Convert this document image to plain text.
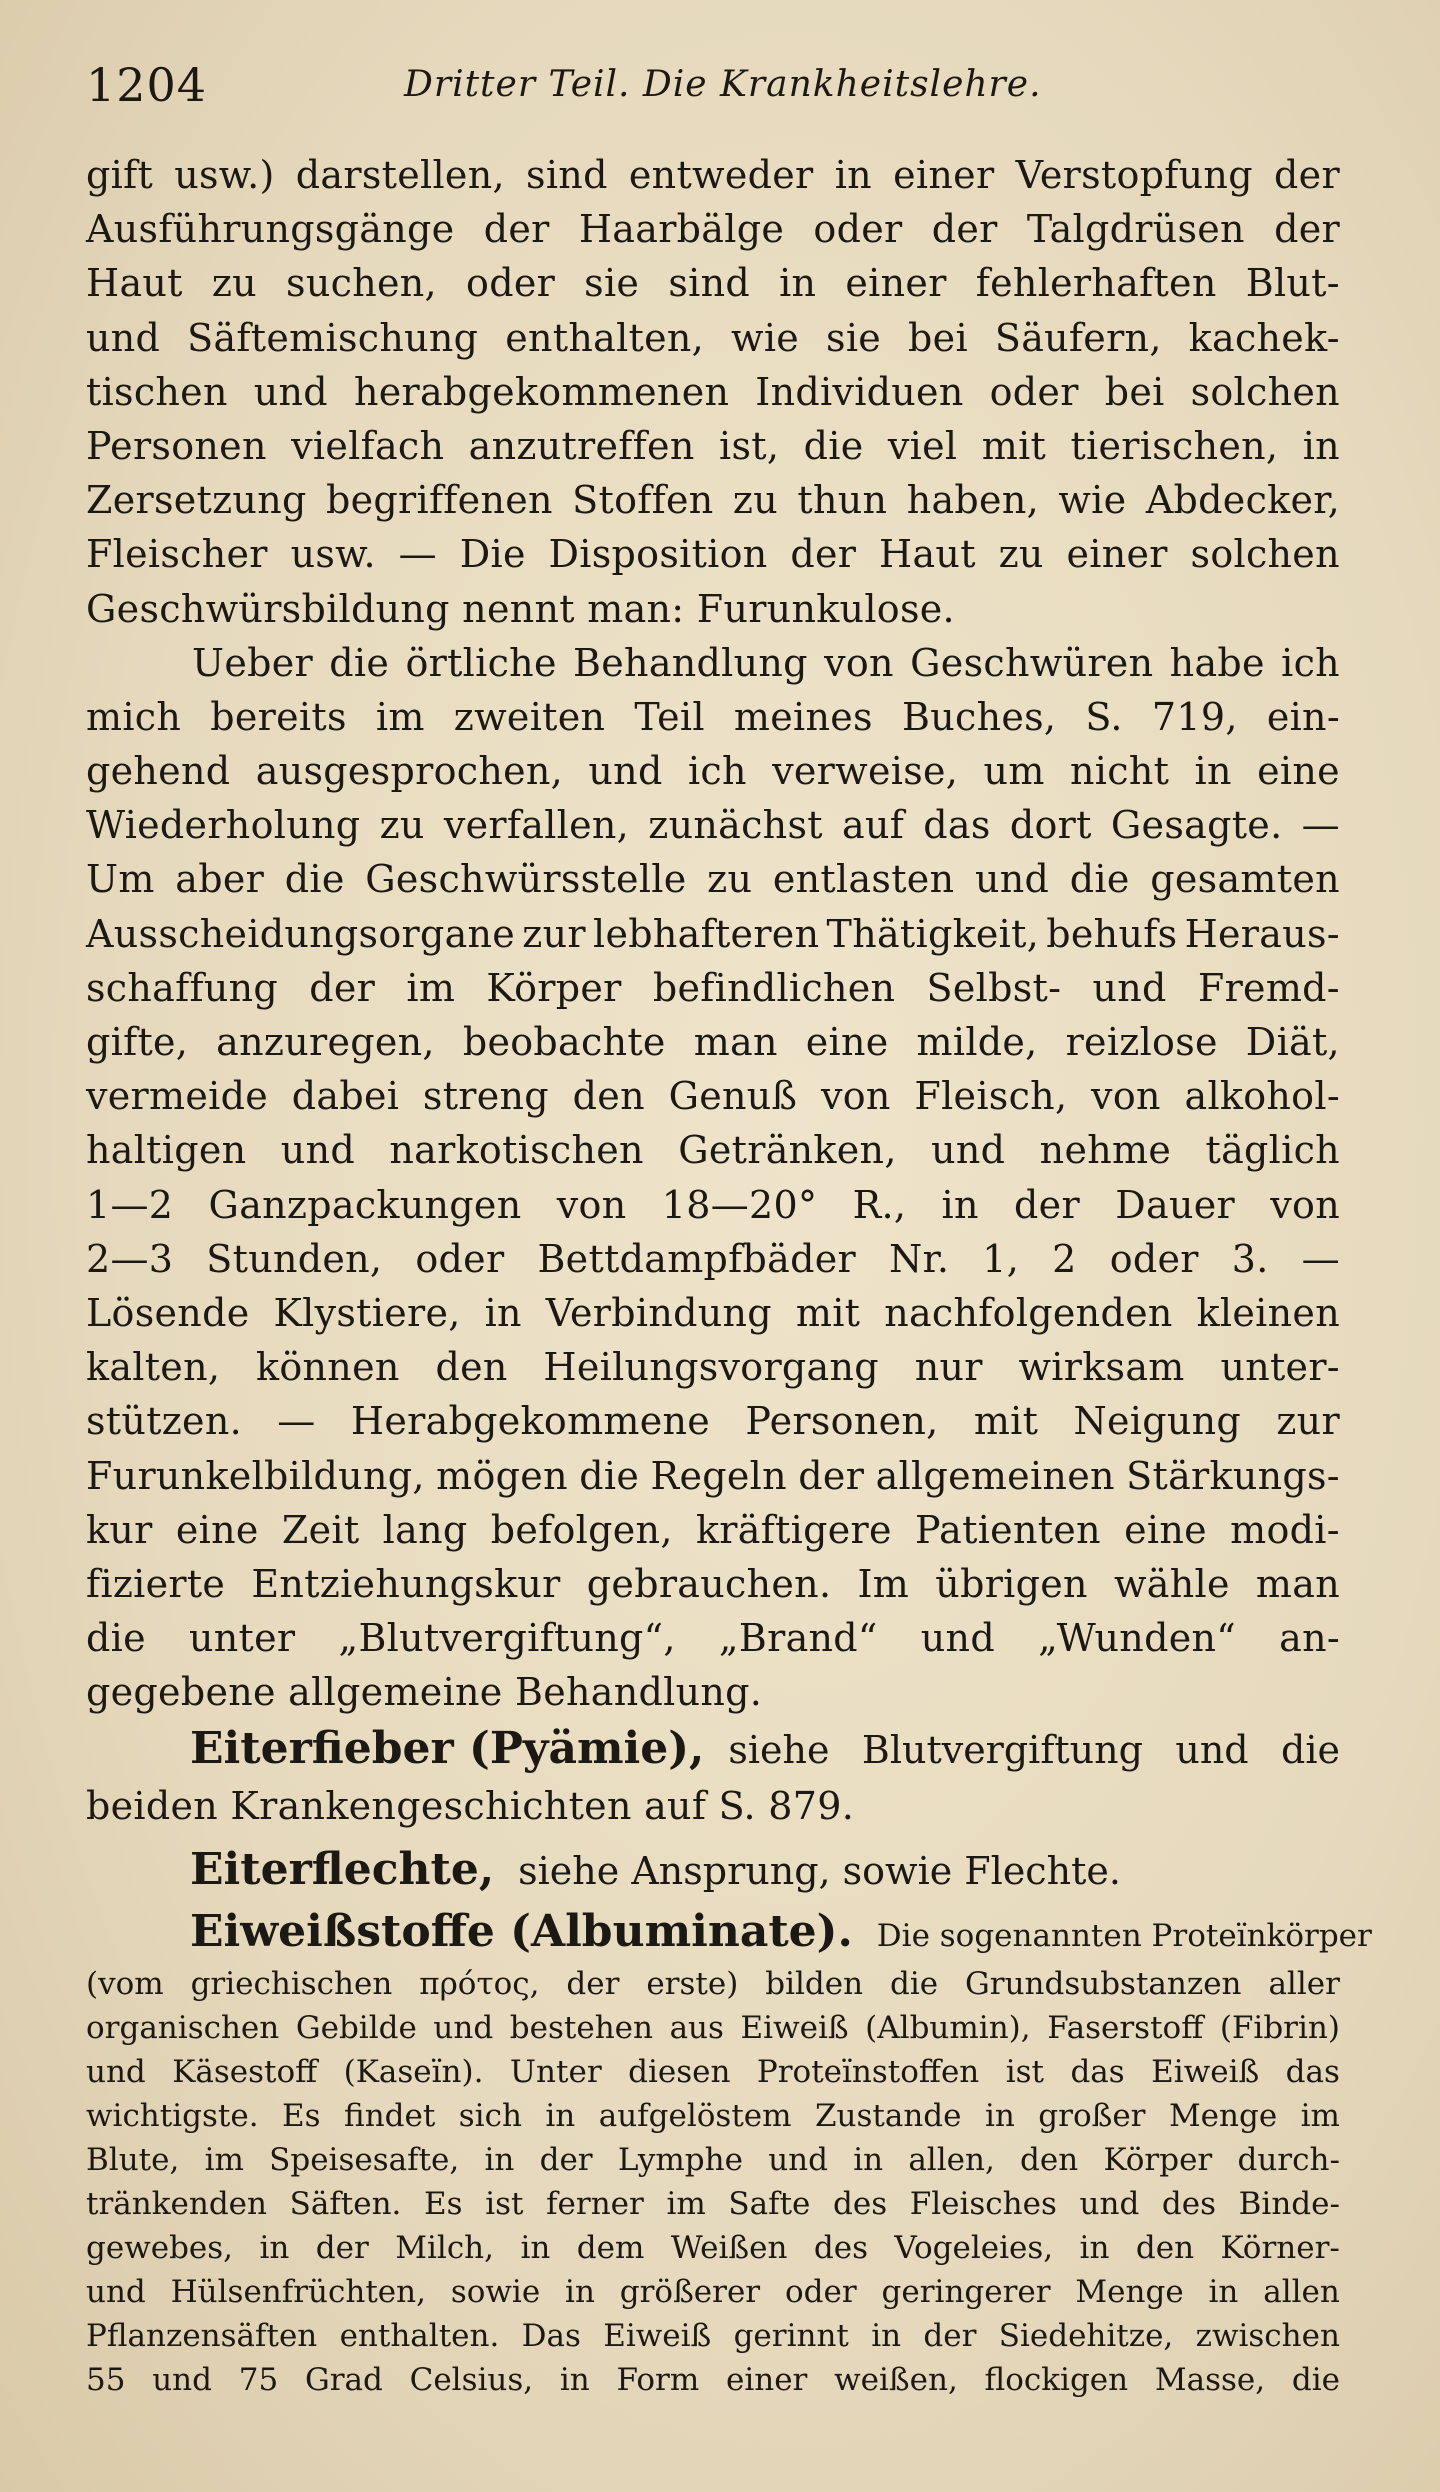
1204	Dritter Teil. Die Krankheitslehre.
gift usw.) darstellen, sind entweder in einer Verstopfung der
Ausführungsgänge der Haarbälge oder der Talgdrüsen der
Haut zu suchen, oder sie sind in einer fehlerhaften Blut-
und Säftemischung enthalten, wie sie bei Säufern, kachek-
tischen und herabgekommenen Individuen oder bei solchen
Personen vielfach anzutreffen ist, die viel mit tierischen, in
Zersetzung begriffenen Stoffen zu thun haben, wie Abdecker,
Fleischer usw. — Die Disposition der Haut zu einer solchen
Geschwürsbildung nennt man: Furunkulose.
Ueber die örtliche Behandlung von Geschwüren habe ich
mich bereits im zweiten Teil meines Buches, S. 719, ein-
gehend ausgesprochen, und ich verweise, um nicht in eine
Wiederholung zu verfallen, zunächst auf das dort Gesagte. —
Um aber die Geschwürsstelle zu entlasten und die gesamten
Ausscheidungsorgane zur lebhafteren Thätigkeit, behufs Heraus-
schaffung der im Körper befindlichen Selbst- und Fremd-
gifte, anzuregen, beobachte man eine milde, reizlose Diät,
vermeide dabei streng den Genuß von Fleisch, von alkohol-
haltigen und narkotischen Getränken, und nehme täglich
1—2 Ganzpackungen von 18—20° R., in der Dauer von
2—3 Stunden, oder Bettdampfbäder Nr. 1, 2 oder 3. —
Lösende Klystiere, in Verbindung mit nachfolgenden kleinen
kalten, können den Heilungsvorgang nur wirksam unter-
stützen. — Herabgekommene Personen, mit Neigung zur
Furunkelbildung, mögen die Regeln der allgemeinen Stärkungs-
kur eine Zeit lang befolgen, kräftigere Patienten eine modi-
fizierte Entziehungskur gebrauchen. Im übrigen wähle man
die unter „Blutvergiftung“, „Brand“ und „Wunden“ an-
gegebene allgemeine Behandlung.
Eiterfieber (Pyämie), siehe Blutvergiftung und die
beiden Krankengeschichten auf S. 879.
Eiterflechte, siehe Ansprung, sowie Flechte.
Eiweißstoffe (Albuminate). Die sogenannten Proteïnkörper
(vom griechischen πρότος, der erste) bilden die Grundsubstanzen aller
organischen Gebilde und bestehen aus Eiweiß (Albumin), Faserstoff (Fibrin)
und Käsestoff (Kaseïn). Unter diesen Proteïnstoffen ist das Eiweiß das
wichtigste. Es findet sich in aufgelöstem Zustande in großer Menge im
Blute, im Speisesafte, in der Lymphe und in allen, den Körper durch-
tränkenden Säften. Es ist ferner im Safte des Fleisches und des Binde-
gewebes, in der Milch, in dem Weißen des Vogeleies, in den Körner-
und Hülsenfrüchten, sowie in größerer oder geringerer Menge in allen
Pflanzensäften enthalten. Das Eiweiß gerinnt in der Siedehitze, zwischen
55 und 75 Grad Celsius, in Form einer weißen, flockigen Masse, die
